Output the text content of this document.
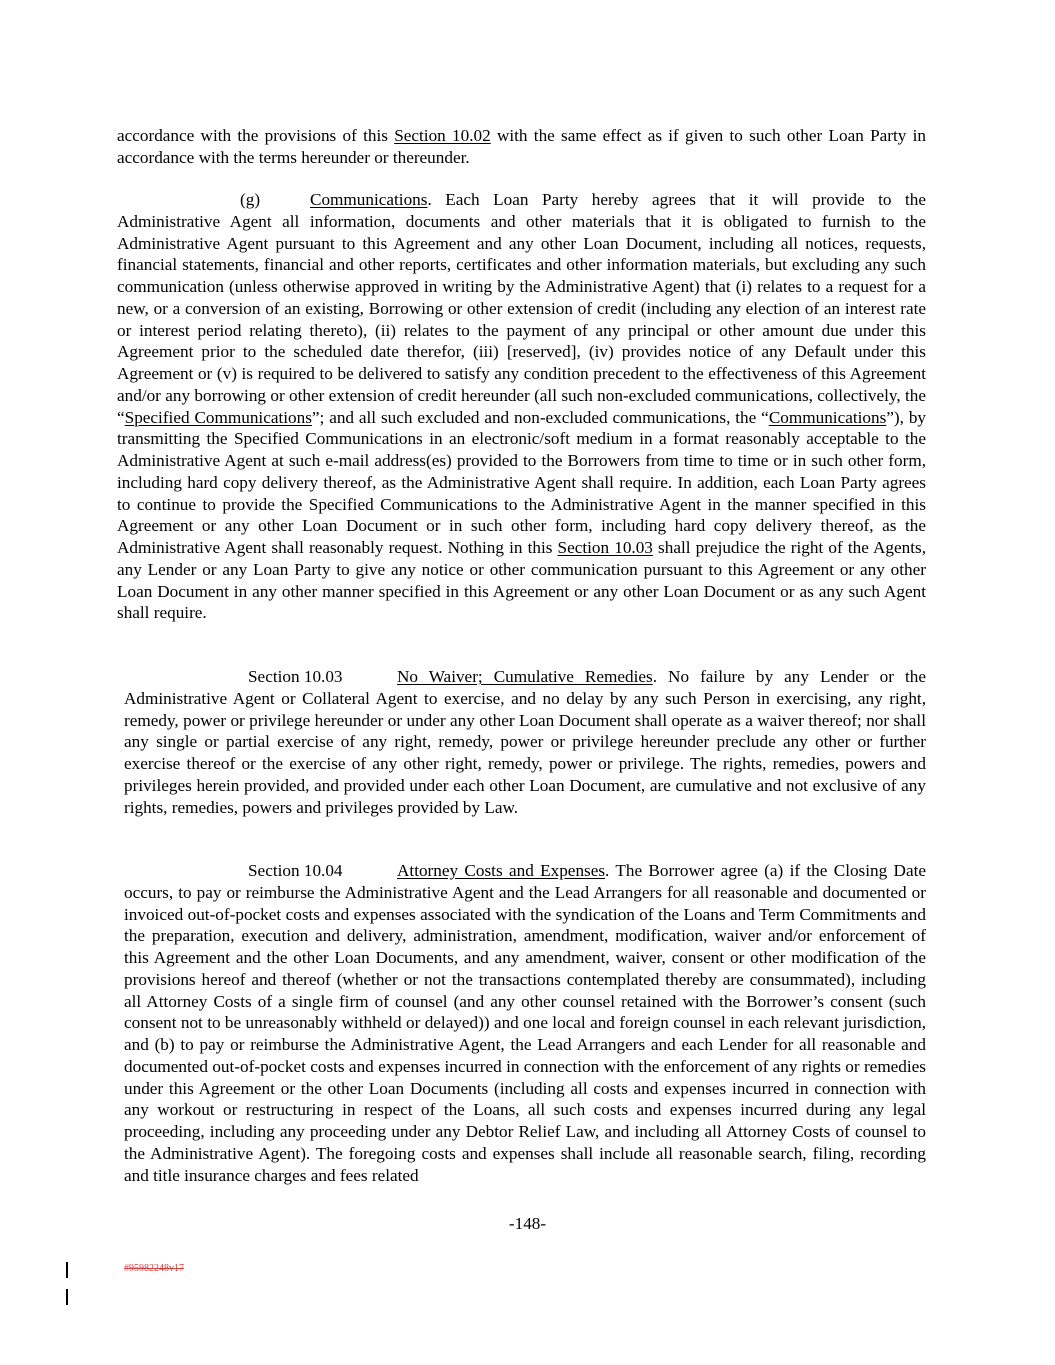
accordance with the provisions of this Section 10.02 with the same effect as if given to such other Loan Party in accordance with the terms hereunder or thereunder.

(g)	Communications. Each Loan Party hereby agrees that it will provide to the Administrative Agent all information, documents and other materials that it is obligated to furnish to the Administrative Agent pursuant to this Agreement and any other Loan Document, including all notices, requests, financial statements, financial and other reports, certificates and other information materials, but excluding any such communication (unless otherwise approved in writing by the Administrative Agent) that (i) relates to a request for a new, or a conversion of an existing, Borrowing or other extension of credit (including any election of an interest rate or interest period relating thereto), (ii) relates to the payment of any principal or other amount due under this Agreement prior to the scheduled date therefor, (iii) [reserved], (iv) provides notice of any Default under this Agreement or (v) is required to be delivered to satisfy any condition precedent to the effectiveness of this Agreement and/or any borrowing or other extension of credit hereunder (all such non-excluded communications, collectively, the “Specified Communications”; and all such excluded and non-excluded communications, the “Communications”), by transmitting the Specified Communications in an electronic/soft medium in a format reasonably acceptable to the Administrative Agent at such e-mail address(es) provided to the Borrowers from time to time or in such other form, including hard copy delivery thereof, as the Administrative Agent shall require. In addition, each Loan Party agrees to continue to provide the Specified Communications to the Administrative Agent in the manner specified in this Agreement or any other Loan Document or in such other form, including hard copy delivery thereof, as the Administrative Agent shall reasonably request. Nothing in this Section 10.03 shall prejudice the right of the Agents, any Lender or any Loan Party to give any notice or other communication pursuant to this Agreement or any other Loan Document in any other manner specified in this Agreement or any other Loan Document or as any such Agent shall require.

Section 10.03	No Waiver; Cumulative Remedies. No failure by any Lender or the Administrative Agent or Collateral Agent to exercise, and no delay by any such Person in exercising, any right, remedy, power or privilege hereunder or under any other Loan Document shall operate as a waiver thereof; nor shall any single or partial exercise of any right, remedy, power or privilege hereunder preclude any other or further exercise thereof or the exercise of any other right, remedy, power or privilege. The rights, remedies, powers and privileges herein provided, and provided under each other Loan Document, are cumulative and not exclusive of any rights, remedies, powers and privileges provided by Law.

Section 10.04	Attorney Costs and Expenses. The Borrower agree (a) if the Closing Date occurs, to pay or reimburse the Administrative Agent and the Lead Arrangers for all reasonable and documented or invoiced out-of-pocket costs and expenses associated with the syndication of the Loans and Term Commitments and the preparation, execution and delivery, administration, amendment, modification, waiver and/or enforcement of this Agreement and the other Loan Documents, and any amendment, waiver, consent or other modification of the provisions hereof and thereof (whether or not the transactions contemplated thereby are consummated), including all Attorney Costs of a single firm of counsel (and any other counsel retained with the Borrower’s consent (such consent not to be unreasonably withheld or delayed)) and one local and foreign counsel in each relevant jurisdiction, and (b) to pay or reimburse the Administrative Agent, the Lead Arrangers and each Lender for all reasonable and documented out-of-pocket costs and expenses incurred in connection with the enforcement of any rights or remedies under this Agreement or the other Loan Documents (including all costs and expenses incurred in connection with any workout or restructuring in respect of the Loans, all such costs and expenses incurred during any legal proceeding, including any proceeding under any Debtor Relief Law, and including all Attorney Costs of counsel to the Administrative Agent). The foregoing costs and expenses shall include all reasonable search, filing, recording and title insurance charges and fees related

-148-
#95982248v17
